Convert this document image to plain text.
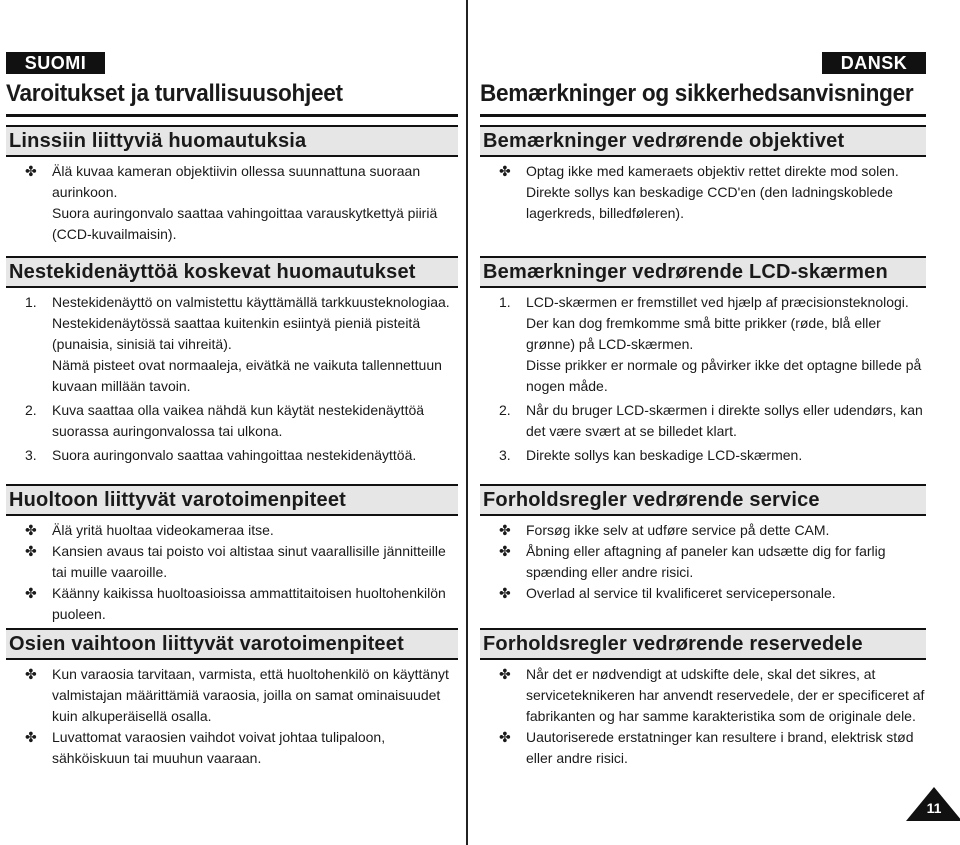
SUOMI
Varoitukset ja turvallisuusohjeet
Linssiin liittyviä huomautuksia
✤ Älä kuvaa kameran objektiivin ollessa suunnattuna suoraan aurinkoon.
Suora auringonvalo saattaa vahingoittaa varauskytkettyä piiriä (CCD-kuvailmaisin).
Nestekidenäyttöä koskevat huomautukset
1. Nestekidenäyttö on valmistettu käyttämällä tarkkuusteknologiaa. Nestekidenäytössä saattaa kuitenkin esiintyä pieniä pisteitä (punaisia, sinisiä tai vihreitä).
Nämä pisteet ovat normaaleja, eivätkä ne vaikuta tallennettuun kuvaan millään tavoin.
2. Kuva saattaa olla vaikea nähdä kun käytät nestekidenäyttöä suorassa auringonvalossa tai ulkona.
3. Suora auringonvalo saattaa vahingoittaa nestekidenäyttöä.
Huoltoon liittyvät varotoimenpiteet
✤ Älä yritä huoltaa videokameraa itse.
✤ Kansien avaus tai poisto voi altistaa sinut vaarallisille jännitteille tai muille vaaroille.
✤ Käänny kaikissa huoltoasioissa ammattitaitoisen huoltohenkilön puoleen.
Osien vaihtoon liittyvät varotoimenpiteet
✤ Kun varaosia tarvitaan, varmista, että huoltohenkilö on käyttänyt valmistajan määrittämiä varaosia, joilla on samat ominaisuudet kuin alkuperäisellä osalla.
✤ Luvattomat varaosien vaihdot voivat johtaa tulipaloon, sähköiskuun tai muuhun vaaraan.
DANSK
Bemærkninger og sikkerhedsanvisninger
Bemærkninger vedrørende objektivet
✤ Optag ikke med kameraets objektiv rettet direkte mod solen. Direkte sollys kan beskadige CCD'en (den ladningskoblede lagerkreds, billedføleren).
Bemærkninger vedrørende LCD-skærmen
1. LCD-skærmen er fremstillet ved hjælp af præcisionsteknologi. Der kan dog fremkomme små bitte prikker (røde, blå eller grønne) på LCD-skærmen.
Disse prikker er normale og påvirker ikke det optagne billede på nogen måde.
2. Når du bruger LCD-skærmen i direkte sollys eller udendørs, kan det være svært at se billedet klart.
3. Direkte sollys kan beskadige LCD-skærmen.
Forholdsregler vedrørende service
✤ Forsøg ikke selv at udføre service på dette CAM.
✤ Åbning eller aftagning af paneler kan udsætte dig for farlig spænding eller andre risici.
✤ Overlad al service til kvalificeret servicepersonale.
Forholdsregler vedrørende reservedele
✤ Når det er nødvendigt at udskifte dele, skal det sikres, at serviceteknikeren har anvendt reservedele, der er specificeret af fabrikanten og har samme karakteristika som de originale dele.
✤ Uautoriserede erstatninger kan resultere i brand, elektrisk stød eller andre risici.
11
